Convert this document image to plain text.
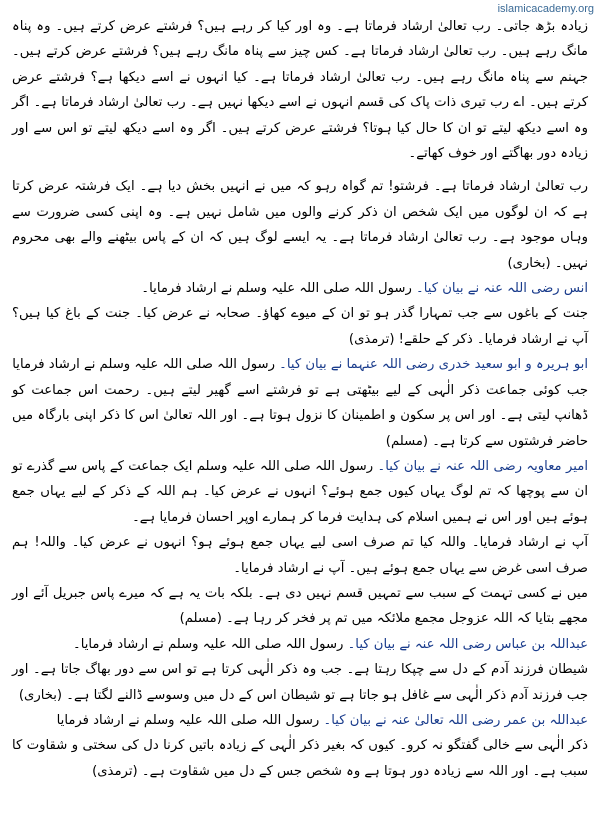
islamicacademy.org

زیادہ بڑھ جاتی۔ رب تعالیٰ ارشاد فرماتا ہے۔ وہ اور کیا کر رہے ہیں؟ فرشتے عرض کرتے ہیں۔ وہ پناہ مانگ رہے ہیں۔ رب تعالیٰ ارشاد فرماتا ہے۔ کس چیز سے پناہ مانگ رہے ہیں؟ فرشتے عرض کرتے ہیں۔ جہنم سے پناہ مانگ رہے ہیں۔ رب تعالیٰ ارشاد فرماتا ہے۔ کیا انہوں نے اسے دیکھا ہے؟ فرشتے عرض کرتے ہیں۔ اے رب تیری ذات پاک کی قسم انہوں نے اسے دیکھا نہیں ہے۔ رب تعالیٰ ارشاد فرماتا ہے۔ اگر وہ اسے دیکھ لیتے تو ان کا حال کیا ہوتا؟ فرشتے عرض کرتے ہیں۔ اگر وہ اسے دیکھ لیتے تو اس سے اور زیادہ دور بھاگتے اور خوف کھاتے۔

رب تعالیٰ ارشاد فرماتا ہے۔ فرشتو! تم گواہ رہو کہ میں نے انہیں بخش دیا ہے۔ ایک فرشتہ عرض کرتا ہے کہ ان لوگوں میں ایک شخص ان ذکر کرنے والوں میں شامل نہیں ہے۔ وہ اپنی کسی ضرورت سے وہاں موجود ہے۔ رب تعالیٰ ارشاد فرماتا ہے۔ یہ ایسے لوگ ہیں کہ ان کے پاس بیٹھنے والے بھی محروم نہیں۔ (بخاری)

انس رضی اللہ عنہ نے بیان کیا۔ رسول اللہ صلی اللہ علیہ وسلم نے ارشاد فرمایا۔

جنت کے باغوں سے جب تمہارا گذر ہو تو ان کے میوے کھاؤ۔ صحابہ نے عرض کیا۔ جنت کے باغ کیا ہیں؟ آپ نے ارشاد فرمایا۔ ذکر کے حلقے! (ترمذی)

ابو ہریرہ و ابو سعید خدری رضی اللہ عنہما نے بیان کیا۔ رسول اللہ صلی اللہ علیہ وسلم نے ارشاد فرمایا

جب کوئی جماعت ذکر الٰہی کے لیے بیٹھتی ہے تو فرشتے اسے گھیر لیتے ہیں۔ رحمت اس جماعت کو ڈھانپ لیتی ہے۔ اور اس پر سکون و اطمینان کا نزول ہوتا ہے۔ اور اللہ تعالیٰ اس کا ذکر اپنی بارگاہ میں حاضر فرشتوں سے کرتا ہے۔ (مسلم)

امیر معاویہ رضی اللہ عنہ نے بیان کیا۔ رسول اللہ صلی اللہ علیہ وسلم ایک جماعت کے پاس سے گذرے تو ان سے پوچھا کہ تم لوگ یہاں کیوں جمع ہوئے؟ انہوں نے عرض کیا۔ ہم اللہ کے ذکر کے لیے یہاں جمع ہوئے ہیں اور اس نے ہمیں اسلام کی ہدایت فرما کر ہمارے اوپر احسان فرمایا ہے۔

آپ نے ارشاد فرمایا۔ واللہ کیا تم صرف اسی لیے یہاں جمع ہوئے ہو؟ انہوں نے عرض کیا۔ واللہ! ہم صرف اسی غرض سے یہاں جمع ہوئے ہیں۔ آپ نے ارشاد فرمایا۔

میں نے کسی تہمت کے سبب سے تمہیں قسم نہیں دی ہے۔ بلکہ بات یہ ہے کہ میرے پاس جبریل آئے اور مجھے بتایا کہ اللہ عزوجل مجمع ملائکہ میں تم پر فخر کر رہا ہے۔ (مسلم)

عبداللہ بن عباس رضی اللہ عنہ نے بیان کیا۔ رسول اللہ صلی اللہ علیہ وسلم نے ارشاد فرمایا۔

شیطان فرزند آدم کے دل سے چپکا رہتا ہے۔ جب وہ ذکر الٰہی کرتا ہے تو اس سے دور بھاگ جاتا ہے۔ اور جب فرزند آدم ذکر الٰہی سے غافل ہو جاتا ہے تو شیطان اس کے دل میں وسوسے ڈالنے لگتا ہے۔ (بخاری)

عبداللہ بن عمر رضی اللہ تعالیٰ عنہ نے بیان کیا۔ رسول اللہ صلی اللہ علیہ وسلم نے ارشاد فرمایا

ذکر الٰہی سے خالی گفتگو نہ کرو۔ کیوں کہ بغیر ذکر الٰہی کے زیادہ باتیں کرنا دل کی سختی و شقاوت کا سبب ہے۔ اور اللہ سے زیادہ دور ہوتا ہے وہ شخص جس کے دل میں شقاوت ہے۔ (ترمذی)
